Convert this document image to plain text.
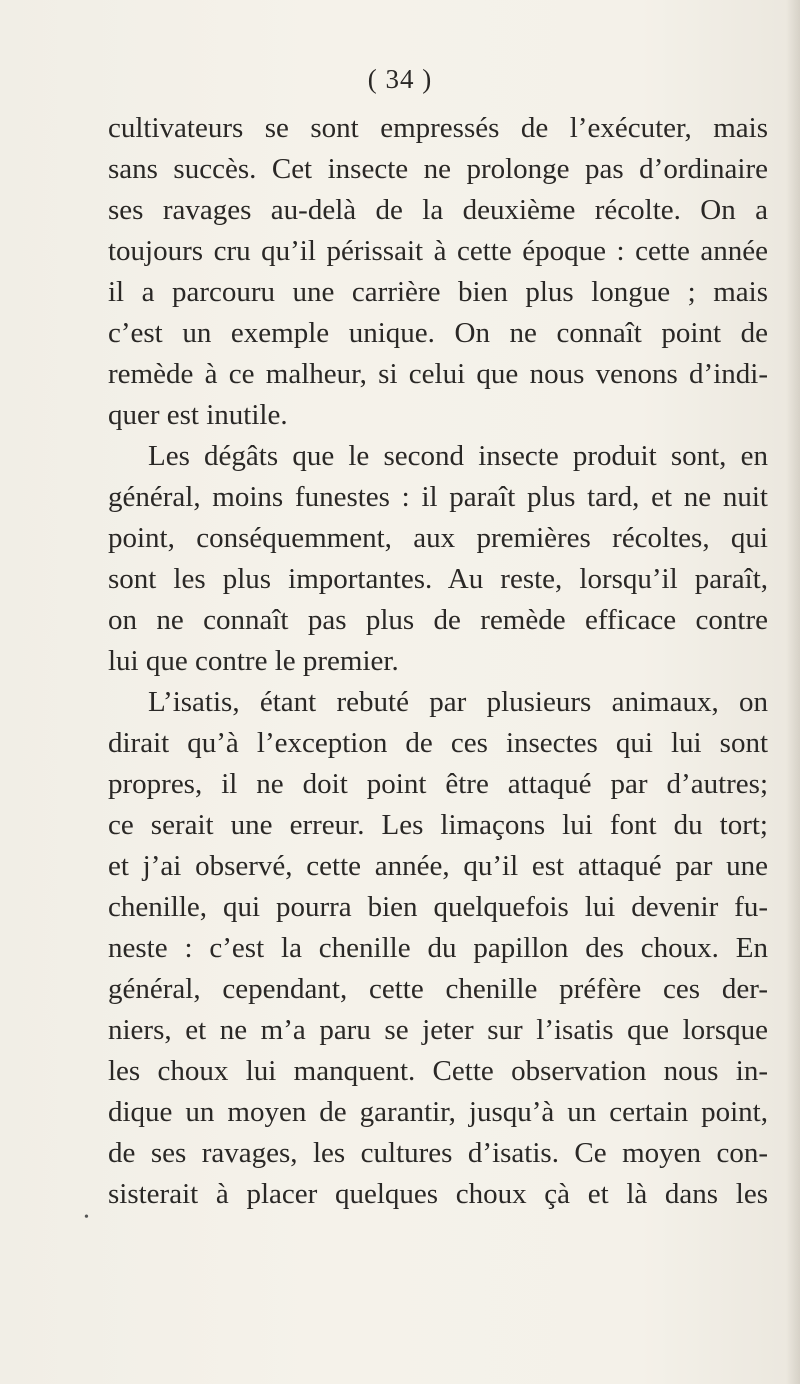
( 34 )
cultivateurs se sont empressés de l’exécuter, mais
sans succès. Cet insecte ne prolonge pas d’ordinaire
ses ravages au-delà de la deuxième récolte. On a
toujours cru qu’il périssait à cette époque : cette année
il a parcouru une carrière bien plus longue ; mais
c’est un exemple unique. On ne connaît point de
remède à ce malheur, si celui que nous venons d’indi-
quer est inutile.
Les dégâts que le second insecte produit sont, en
général, moins funestes : il paraît plus tard, et ne nuit
point, conséquemment, aux premières récoltes, qui
sont les plus importantes. Au reste, lorsqu’il paraît,
on ne connaît pas plus de remède efficace contre
lui que contre le premier.
L’isatis, étant rebuté par plusieurs animaux, on
dirait qu’à l’exception de ces insectes qui lui sont
propres, il ne doit point être attaqué par d’autres;
ce serait une erreur. Les limaçons lui font du tort;
et j’ai observé, cette année, qu’il est attaqué par une
chenille, qui pourra bien quelquefois lui devenir fu-
neste : c’est la chenille du papillon des choux. En
général, cependant, cette chenille préfère ces der-
niers, et ne m’a paru se jeter sur l’isatis que lorsque
les choux lui manquent. Cette observation nous in-
dique un moyen de garantir, jusqu’à un certain point,
de ses ravages, les cultures d’isatis. Ce moyen con-
sisterait à placer quelques choux çà et là dans les
•
